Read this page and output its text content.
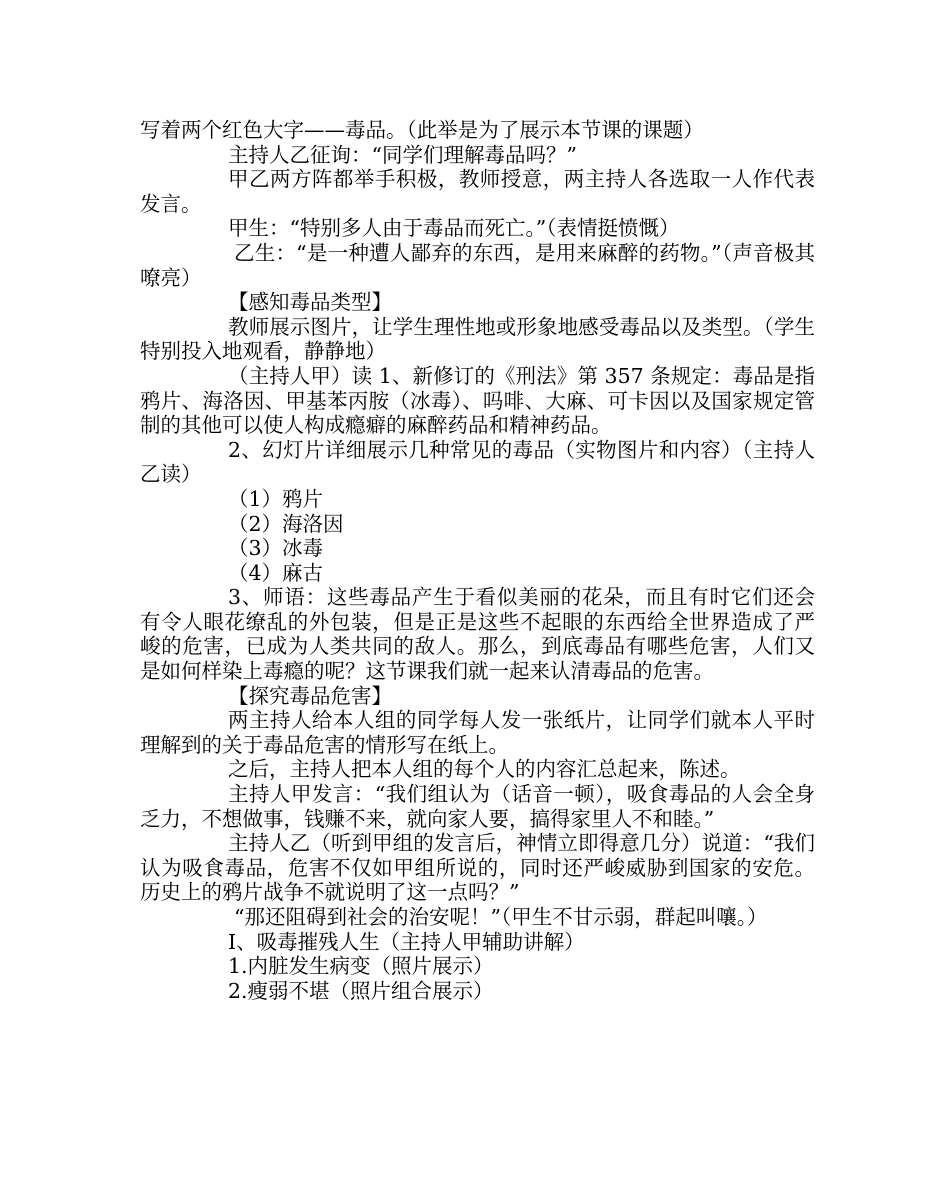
写着两个红色大字——毒品。（此举是为了展示本节课的课题）

主持人乙征询：“同学们理解毒品吗？”

甲乙两方阵都举手积极，教师授意，两主持人各选取一人作代表发言。

甲生：“特别多人由于毒品而死亡。”（表情挺愤慨）

乙生：“是一种遭人鄙弃的东西，是用来麻醉的药物。”（声音极其嘹亮）

【感知毒品类型】

教师展示图片，让学生理性地或形象地感受毒品以及类型。（学生特别投入地观看，静静地）

（主持人甲）读 1、新修订的《刑法》第 357 条规定：毒品是指鸦片、海洛因、甲基苯丙胺（冰毒）、吗啡、大麻、可卡因以及国家规定管制的其他可以使人构成瘾癖的麻醉药品和精神药品。

2、幻灯片详细展示几种常见的毒品（实物图片和内容）（主持人乙读）

（1）鸦片

（2）海洛因

（3）冰毒

（4）麻古

3、师语：这些毒品产生于看似美丽的花朵，而且有时它们还会有令人眼花缭乱的外包装，但是正是这些不起眼的东西给全世界造成了严峻的危害，已成为人类共同的敌人。那么，到底毒品有哪些危害，人们又是如何样染上毒瘾的呢？这节课我们就一起来认清毒品的危害。

【探究毒品危害】

两主持人给本人组的同学每人发一张纸片，让同学们就本人平时理解到的关于毒品危害的情形写在纸上。

之后，主持人把本人组的每个人的内容汇总起来，陈述。

主持人甲发言：“我们组认为（话音一顿），吸食毒品的人会全身乏力，不想做事，钱赚不来，就向家人要，搞得家里人不和睦。”

主持人乙（听到甲组的发言后，神情立即得意几分）说道：“我们认为吸食毒品，危害不仅如甲组所说的，同时还严峻威胁到国家的安危。历史上的鸦片战争不就说明了这一点吗？”

“那还阻碍到社会的治安呢！”（甲生不甘示弱，群起叫嚷。）

Ⅰ、吸毒摧残人生（主持人甲辅助讲解）

1.内脏发生病变（照片展示）

2.瘦弱不堪（照片组合展示）
